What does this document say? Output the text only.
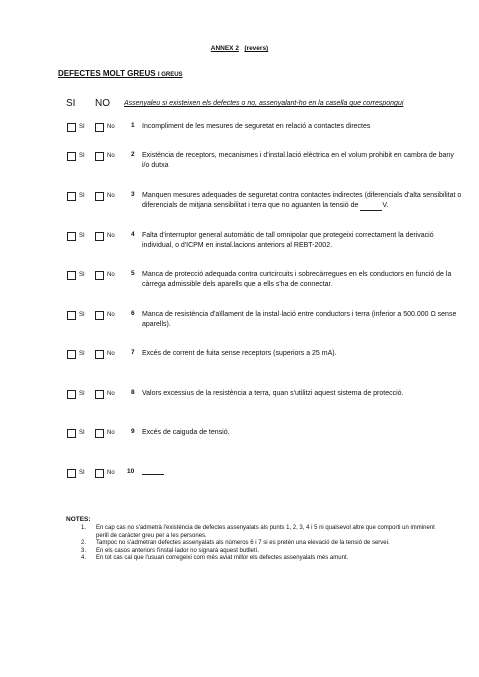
ANNEX 2 (revers)
DEFECTES MOLT GREUS I GREUS
SI NO Assenyaleu si existeixen els defectes o no, assenyalant-ho en la casella que correspongui
SI	No	1 Incompliment de les mesures de seguretat en relació a contactes directes
SI	No	2 Existència de receptors, mecanismes i d'instal.lació elèctrica en el volum prohibit en cambra de bany i/o dutxa
SI	No	3 Manquen mesures adequades de seguretat contra contactes indirectes (diferencials d'alta sensibilitat o diferencials de mitjana sensibilitat i terra que no aguanten la tensió de	V.
SI	No	4 Falta d'interruptor general automàtic de tall omnipolar que protegeixi correctament la derivació individual, o d'ICPM en instal.lacions anteriors al REBT-2002.
SI	No	5 Manca de protecció adequada contra curtcircuits i sobrecàrregues en els conductors en funció de la càrrega admissible dels aparells que a ells s'ha de connectar.
SI	No	6 Manca de resistència d'aïllament de la instal·lació entre conductors i terra (inferior a 500.000 Ω sense aparells).
SI	No	7 Excés de corrent de fuita sense receptors (superiors a 25 mA).
SI	No	8 Valors excessius de la resistència a terra, quan s'utilitzi aquest sistema de protecció.
SI	No	9 Excés de caiguda de tensió.
SI	No 10
NOTES:
1. En cap cas no s'admetrà l'existència de defectes assenyalats als punts 1, 2, 3, 4 i 5 ni qualsevol altre que comporti un imminent perill de caràcter greu per a les persones.
2. Tampoc no s'admetran defectes assenyalats als números 6 i 7 si es pretén una elevació de la tensió de servei.
3. En els casos anteriors l'instal·lador no signarà aquest butlletí.
4. En tot cas cal que l'usuari corregeixi com més aviat millor els defectes assenyalats més amunt.
